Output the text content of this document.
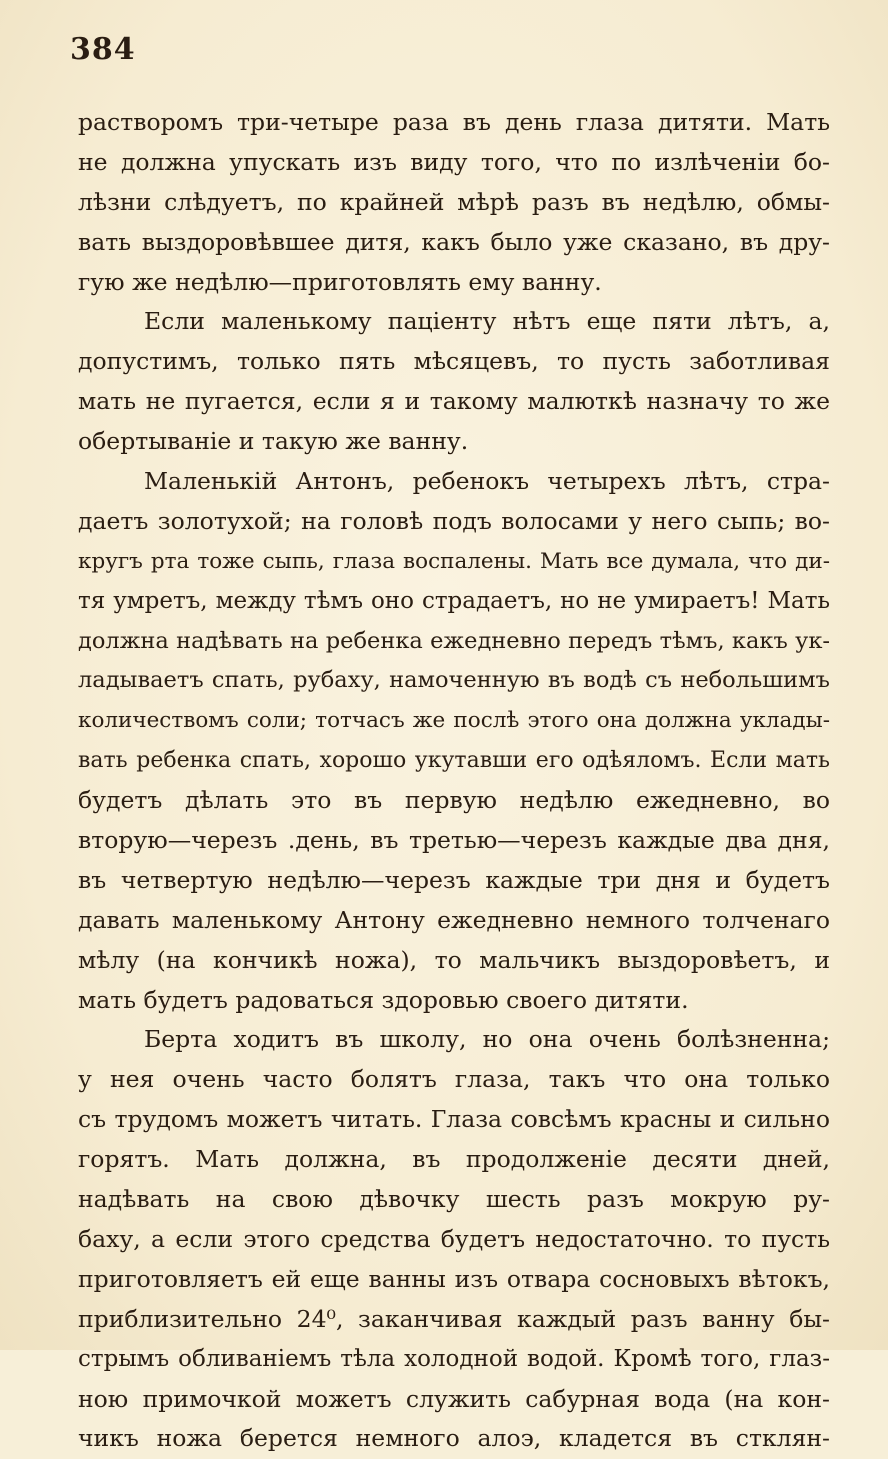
384
растворомъ три-четыре раза въ день глаза дитяти. Мать
не должна упускать изъ виду того, что по излѣченіи бо-
лѣзни слѣдуетъ, по крайней мѣрѣ разъ въ недѣлю, обмы-
вать выздоровѣвшее дитя, какъ было уже сказано, въ дру-
гую же недѣлю—приготовлять ему ванну.
Если маленькому паціенту нѣтъ еще пяти лѣтъ, а,
допустимъ, только пять мѣсяцевъ, то пусть заботливая
мать не пугается, если я и такому малюткѣ назначу то же
обертываніе и такую же ванну.
Маленькій Антонъ, ребенокъ четырехъ лѣтъ, стра-
даетъ золотухой; на головѣ подъ волосами у него сыпь; во-
кругъ рта тоже сыпь, глаза воспалены. Мать все думала, что ди-
тя умретъ, между тѣмъ оно страдаетъ, но не умираетъ! Мать
должна надѣвать на ребенка ежедневно передъ тѣмъ, какъ ук-
ладываетъ спать, рубаху, намоченную въ водѣ съ небольшимъ
количествомъ соли; тотчасъ же послѣ этого она должна уклады-
вать ребенка спать, хорошо укутавши его одѣяломъ. Если мать
будетъ дѣлать это въ первую недѣлю ежедневно, во
вторую—черезъ .день, въ третью—черезъ каждые два дня,
въ четвертую недѣлю—черезъ каждые три дня и будетъ
давать маленькому Антону ежедневно немного толченаго
мѣлу (на кончикѣ ножа), то мальчикъ выздоровѣетъ, и
мать будетъ радоваться здоровью своего дитяти.
Берта ходитъ въ школу, но она очень болѣзненна;
у нея очень часто болятъ глаза, такъ что она только
съ трудомъ можетъ читать. Глаза совсѣмъ красны и сильно
горятъ. Мать должна, въ продолженіе десяти дней,
надѣвать на свою дѣвочку шесть разъ мокрую ру-
баху, а если этого средства будетъ недостаточно. то пусть
приготовляетъ ей еще ванны изъ отвара сосновыхъ вѣтокъ,
приблизительно 24⁰, заканчивая каждый разъ ванну бы-
стрымъ обливаніемъ тѣла холодной водой. Кромѣ того, глаз-
ною примочкой можетъ служить сабурная вода (на кон-
чикъ ножа берется немного алоэ, кладется въ стклян-
